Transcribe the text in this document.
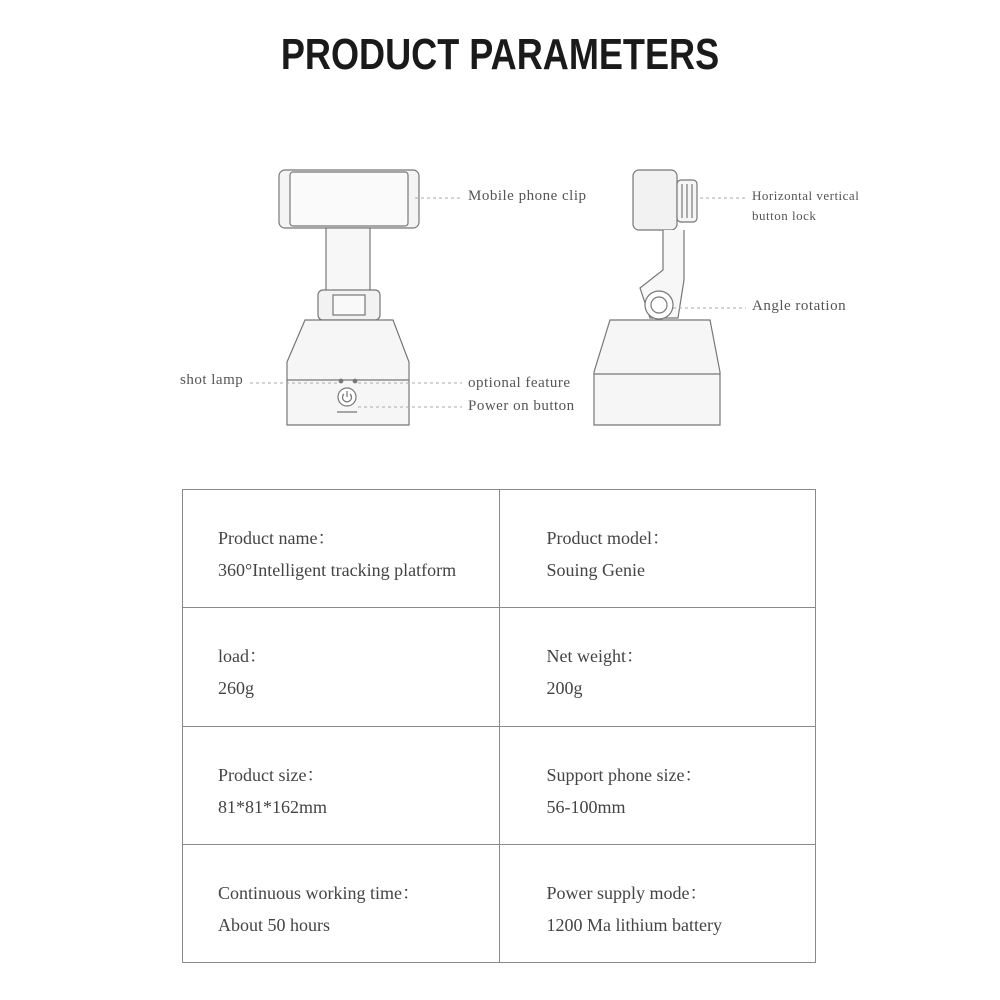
PRODUCT PARAMETERS
Mobile phone clip	Horizontal vertical
button lock
Angle rotation
shot lamp	optional feature
Power on button
Product name：
360°Intelligent tracking platform	Product model：
Souing Genie

load：
260g	Net weight：
200g

Product size：
81*81*162mm	Support phone size：
56-100mm

Continuous working time：
About 50 hours	Power supply mode：
1200 Ma lithium battery
